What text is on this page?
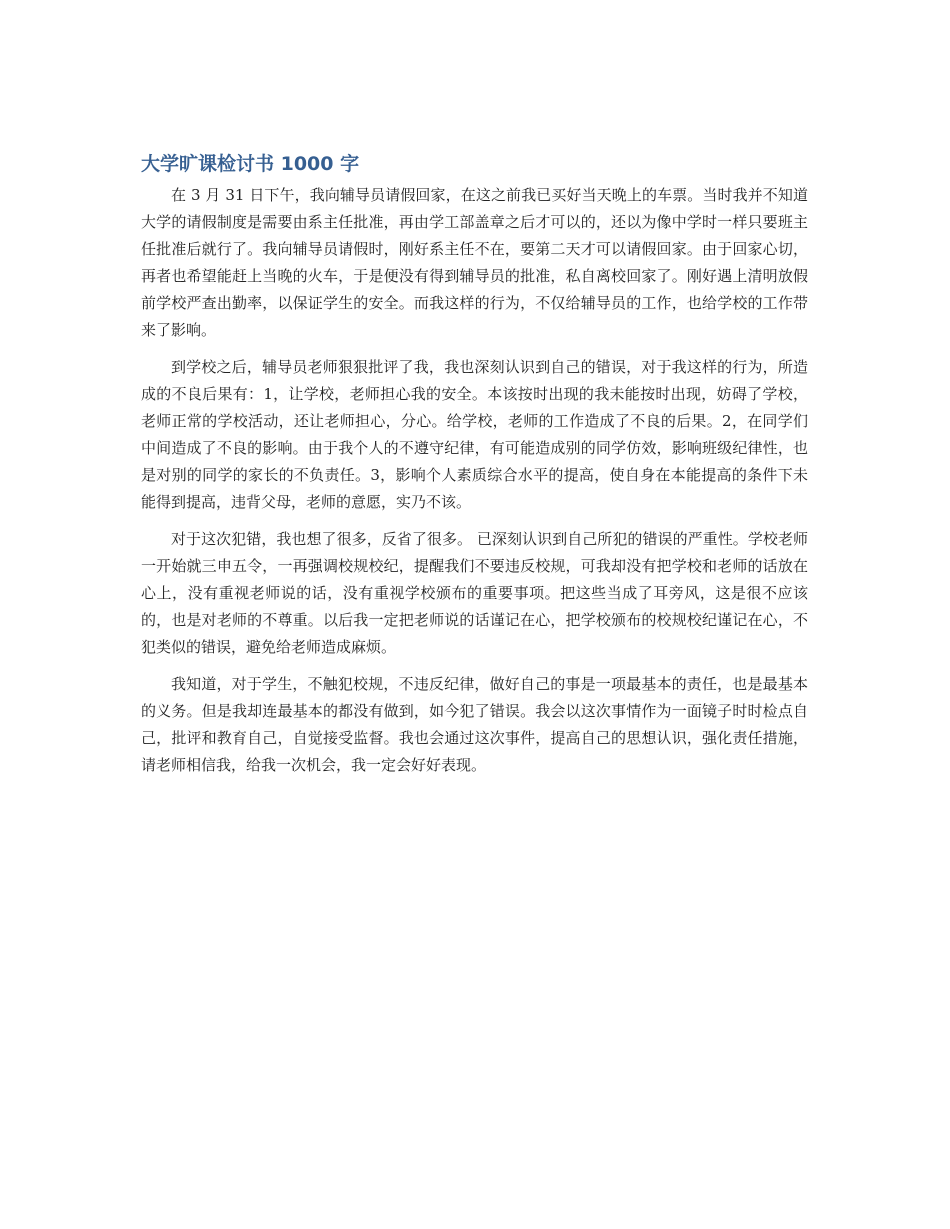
大学旷课检讨书 1000 字

在 3 月 31 日下午，我向辅导员请假回家，在这之前我已买好当天晚上的车票。当时我并不知道大学的请假制度是需要由系主任批准，再由学工部盖章之后才可以的，还以为像中学时一样只要班主任批准后就行了。我向辅导员请假时，刚好系主任不在，要第二天才可以请假回家。由于回家心切，再者也希望能赶上当晚的火车，于是便没有得到辅导员的批准，私自离校回家了。刚好遇上清明放假前学校严查出勤率，以保证学生的安全。而我这样的行为，不仅给辅导员的工作，也给学校的工作带来了影响。

到学校之后，辅导员老师狠狠批评了我，我也深刻认识到自己的错误，对于我这样的行为，所造成的不良后果有：1，让学校，老师担心我的安全。本该按时出现的我未能按时出现，妨碍了学校，老师正常的学校活动，还让老师担心，分心。给学校，老师的工作造成了不良的后果。2，在同学们中间造成了不良的影响。由于我个人的不遵守纪律，有可能造成别的同学仿效，影响班级纪律性，也是对别的同学的家长的不负责任。3，影响个人素质综合水平的提高，使自身在本能提高的条件下未能得到提高，违背父母，老师的意愿，实乃不该。

对于这次犯错，我也想了很多，反省了很多。 已深刻认识到自己所犯的错误的严重性。学校老师一开始就三申五令，一再强调校规校纪，提醒我们不要违反校规，可我却没有把学校和老师的话放在心上，没有重视老师说的话，没有重视学校颁布的重要事项。把这些当成了耳旁风，这是很不应该的，也是对老师的不尊重。以后我一定把老师说的话谨记在心，把学校颁布的校规校纪谨记在心，不犯类似的错误，避免给老师造成麻烦。

我知道，对于学生，不触犯校规，不违反纪律，做好自己的事是一项最基本的责任，也是最基本的义务。但是我却连最基本的都没有做到，如今犯了错误。我会以这次事情作为一面镜子时时检点自己，批评和教育自己，自觉接受监督。我也会通过这次事件，提高自己的思想认识，强化责任措施，请老师相信我，给我一次机会，我一定会好好表现。
